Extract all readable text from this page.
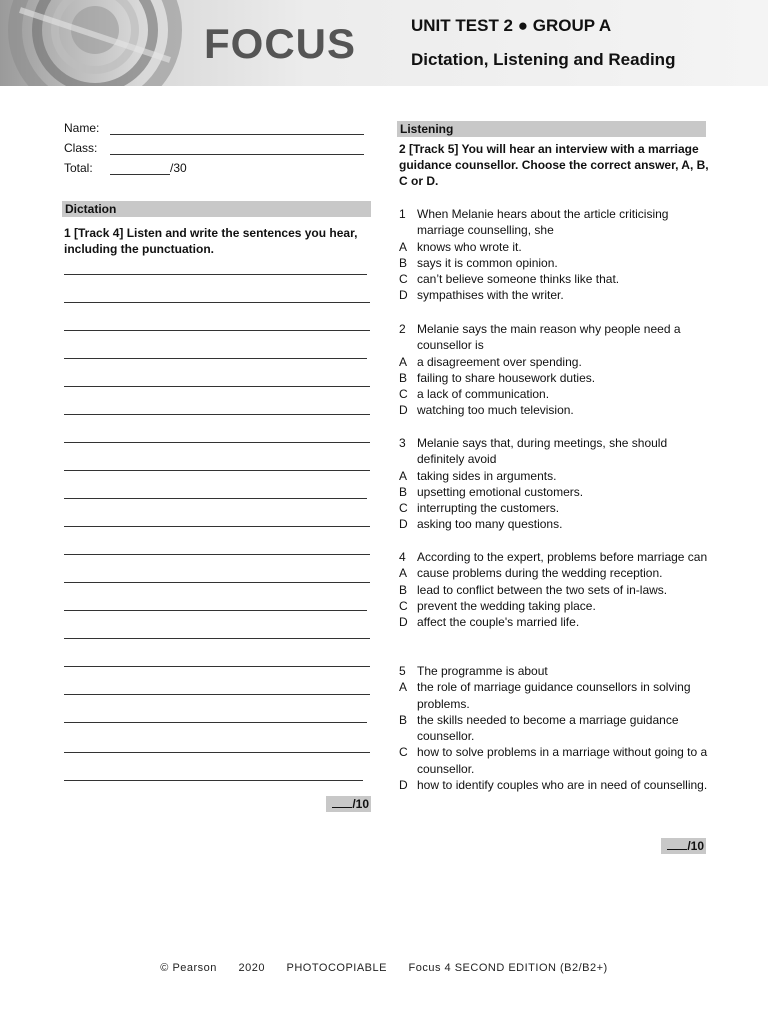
FOCUS	UNIT TEST 2 ● GROUP A
Dictation, Listening and Reading
Name:
Class:
Total:	/30
Dictation
1 [Track 4] Listen and write the sentences you hear, including the punctuation.
/10
Listening
2 [Track 5] You will hear an interview with a marriage guidance counsellor. Choose the correct answer, A, B, C or D.
1 When Melanie hears about the article criticising marriage counselling, she
A knows who wrote it.
B says it is common opinion.
C can’t believe someone thinks like that.
D sympathises with the writer.
2 Melanie says the main reason why people need a counsellor is
A a disagreement over spending.
B failing to share housework duties.
C a lack of communication.
D watching too much television.
3 Melanie says that, during meetings, she should definitely avoid
A taking sides in arguments.
B upsetting emotional customers.
C interrupting the customers.
D asking too many questions.
4 According to the expert, problems before marriage can
A cause problems during the wedding reception.
B lead to conflict between the two sets of in-laws.
C prevent the wedding taking place.
D affect the couple's married life.
5 The programme is about
A the role of marriage guidance counsellors in solving problems.
B the skills needed to become a marriage guidance counsellor.
C how to solve problems in a marriage without going to a counsellor.
D how to identify couples who are in need of counselling.
/10
© Pearson 2020 PHOTOCOPIABLE Focus 4 SECOND EDITION (B2/B2+)
